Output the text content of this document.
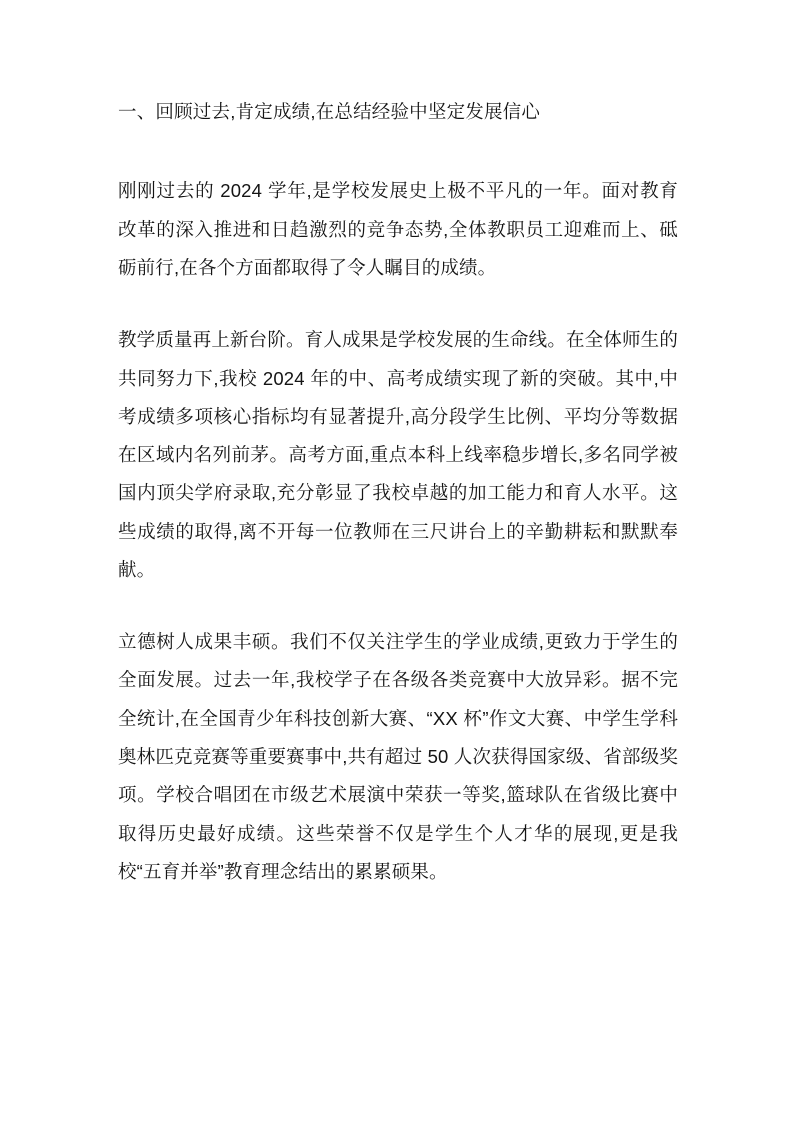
一、回顾过去,肯定成绩,在总结经验中坚定发展信心

刚刚过去的 2024 学年,是学校发展史上极不平凡的一年。面对教育改革的深入推进和日趋激烈的竞争态势,全体教职员工迎难而上、砥砺前行,在各个方面都取得了令人瞩目的成绩。

教学质量再上新台阶。育人成果是学校发展的生命线。在全体师生的共同努力下,我校 2024 年的中、高考成绩实现了新的突破。其中,中考成绩多项核心指标均有显著提升,高分段学生比例、平均分等数据在区域内名列前茅。高考方面,重点本科上线率稳步增长,多名同学被国内顶尖学府录取,充分彰显了我校卓越的加工能力和育人水平。这些成绩的取得,离不开每一位教师在三尺讲台上的辛勤耕耘和默默奉献。

立德树人成果丰硕。我们不仅关注学生的学业成绩,更致力于学生的全面发展。过去一年,我校学子在各级各类竞赛中大放异彩。据不完全统计,在全国青少年科技创新大赛、“XX 杯”作文大赛、中学生学科奥林匹克竞赛等重要赛事中,共有超过 50 人次获得国家级、省部级奖项。学校合唱团在市级艺术展演中荣获一等奖,篮球队在省级比赛中取得历史最好成绩。这些荣誉不仅是学生个人才华的展现,更是我校“五育并举”教育理念结出的累累硕果。
